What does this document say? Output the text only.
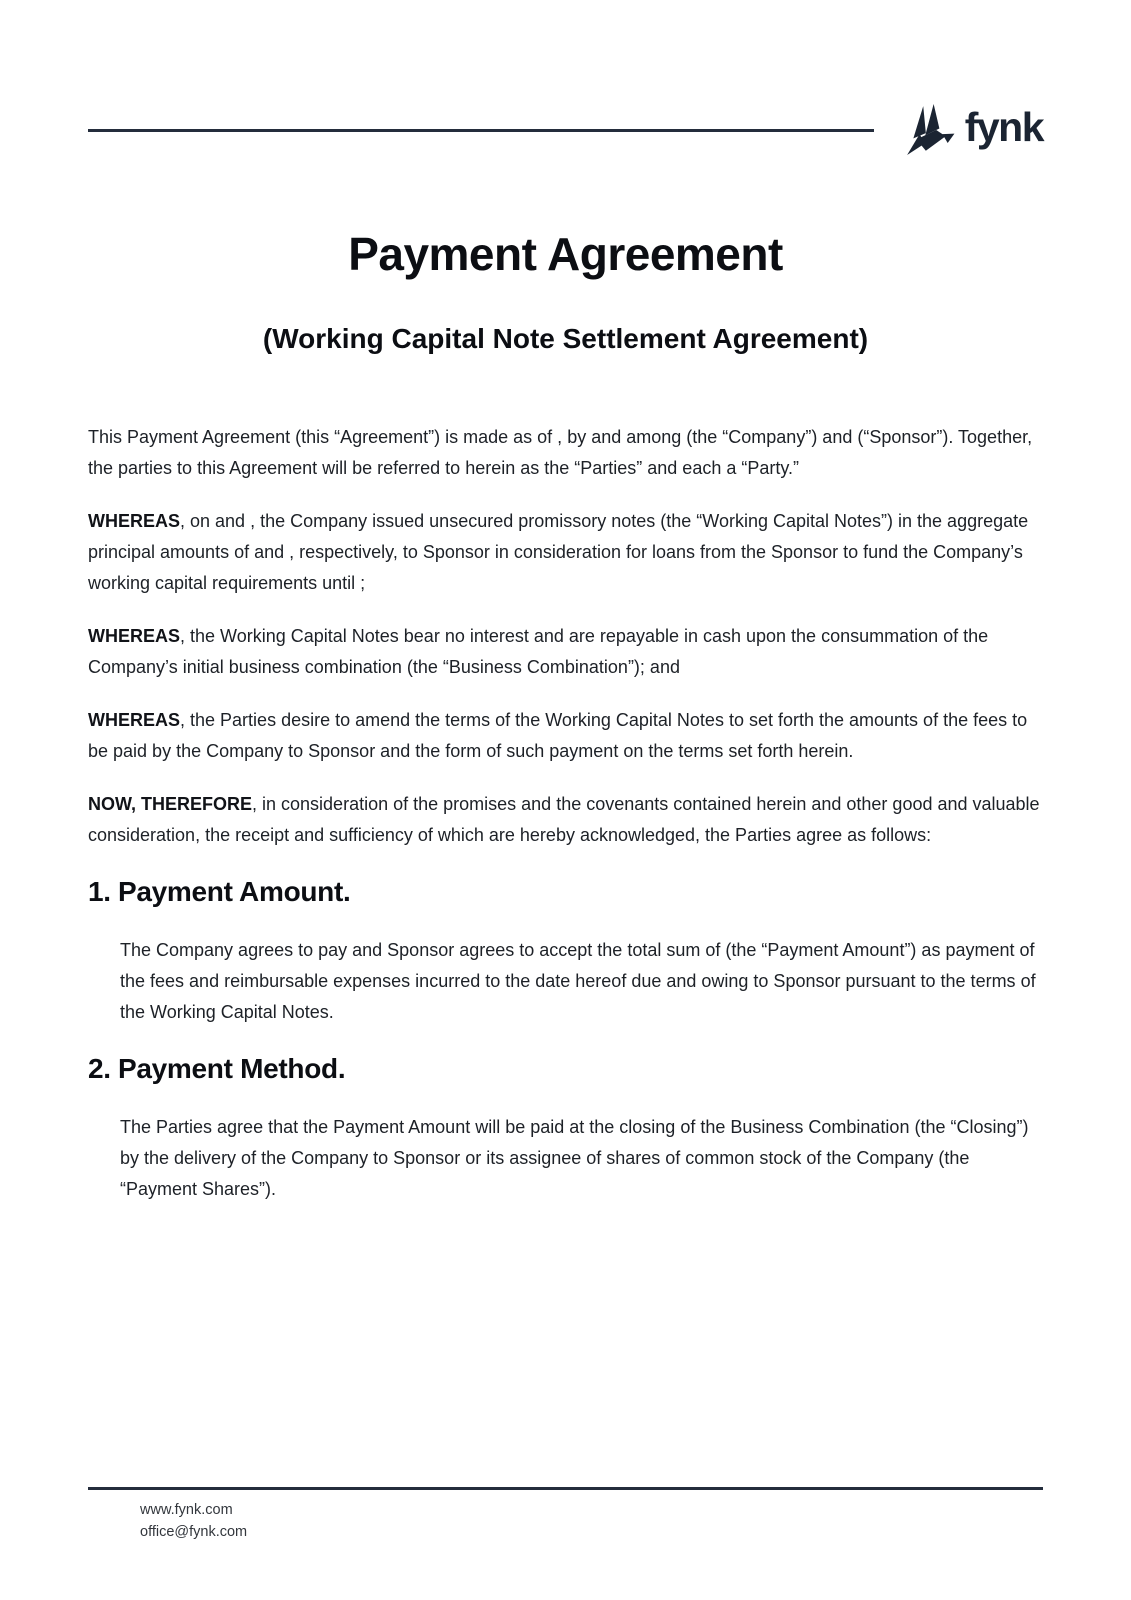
fynk
Payment Agreement
(Working Capital Note Settlement Agreement)

This Payment Agreement (this “Agreement”) is made as of , by and among (the “Company”) and (“Sponsor”). Together, the parties to this Agreement will be referred to herein as the “Parties” and each a “Party.”

WHEREAS, on and , the Company issued unsecured promissory notes (the “Working Capital Notes”) in the aggregate principal amounts of and , respectively, to Sponsor in consideration for loans from the Sponsor to fund the Company’s working capital requirements until ;

WHEREAS, the Working Capital Notes bear no interest and are repayable in cash upon the consummation of the Company’s initial business combination (the “Business Combination”); and

WHEREAS, the Parties desire to amend the terms of the Working Capital Notes to set forth the amounts of the fees to be paid by the Company to Sponsor and the form of such payment on the terms set forth herein.

NOW, THEREFORE, in consideration of the promises and the covenants contained herein and other good and valuable consideration, the receipt and sufficiency of which are hereby acknowledged, the Parties agree as follows:

1. Payment Amount.

The Company agrees to pay and Sponsor agrees to accept the total sum of (the “Payment Amount”) as payment of the fees and reimbursable expenses incurred to the date hereof due and owing to Sponsor pursuant to the terms of the Working Capital Notes.

2. Payment Method.

The Parties agree that the Payment Amount will be paid at the closing of the Business Combination (the “Closing”) by the delivery of the Company to Sponsor or its assignee of shares of common stock of the Company (the “Payment Shares”).

www.fynk.com
office@fynk.com
